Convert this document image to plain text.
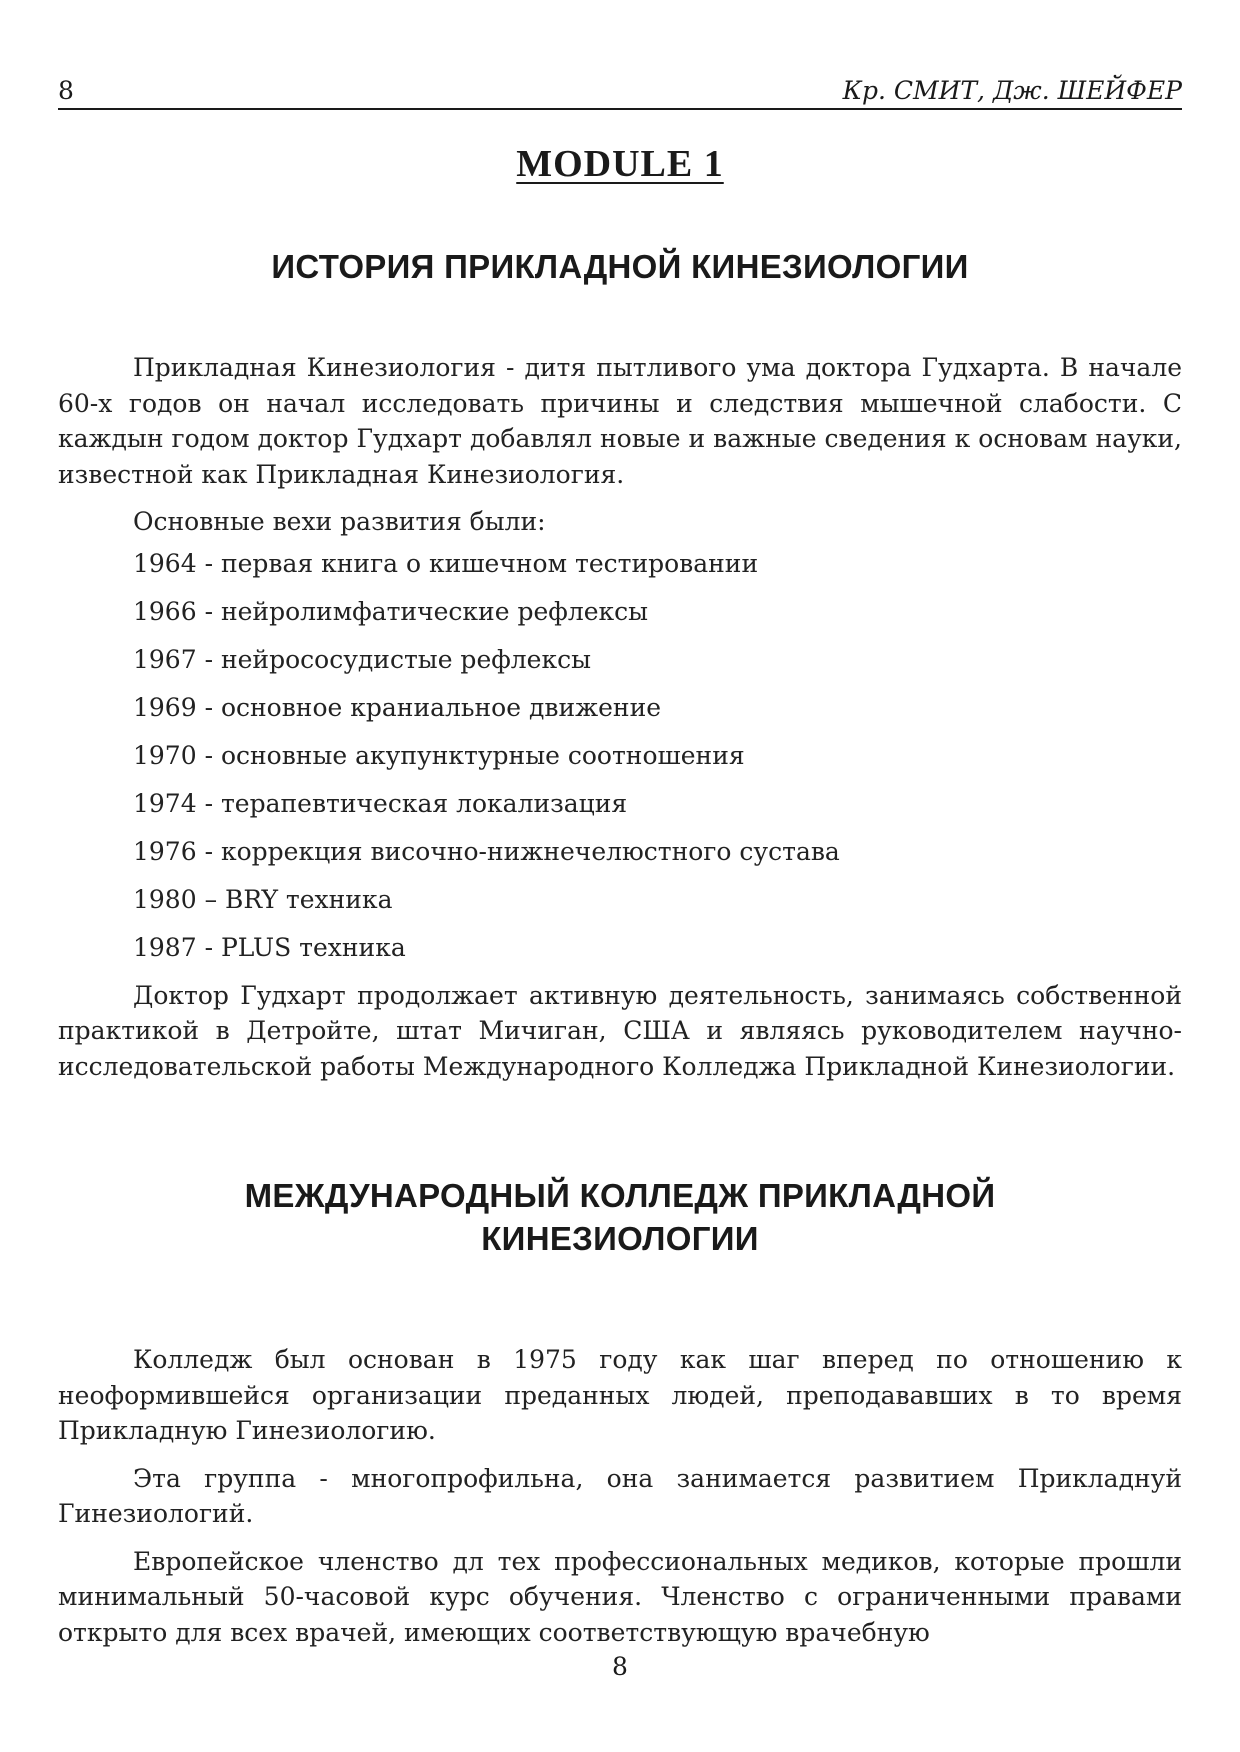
8	Кр. СМИТ, Дж. ШЕЙФЕР
MODULE 1
ИСТОРИЯ ПРИКЛАДНОЙ КИНЕЗИОЛОГИИ

Прикладная Кинезиология - дитя пытливого ума доктора Гудхарта. В начале 60-х годов он начал исследовать причины и следствия мышечной слабости. С каждын годом доктор Гудхарт добавлял новые и важные сведения к основам науки, известной как Прикладная Кинезиология.

Основные вехи развития были:

1964 - первая книга о кишечном тестировании

1966 - нейролимфатические рефлексы

1967 - нейрососудистые рефлексы

1969 - основное краниальное движение

1970 - основные акупунктурные соотношения

1974 - терапевтическая локализация

1976 - коррекция височно-нижнечелюстного сустава

1980 – BRY техника

1987 - PLUS техника

Доктор Гудхарт продолжает активную деятельность, занимаясь собственной практикой в Детройте, штат Мичиган, США и являясь руководителем научно-исследовательской работы Международного Колледжа Прикладной Кинезиологии.

МЕЖДУНАРОДНЫЙ КОЛЛЕДЖ ПРИКЛАДНОЙ
КИНЕЗИОЛОГИИ

Колледж был основан в 1975 году как шаг вперед по отношению к неоформившейся организации преданных людей, преподававших в то время Прикладную Гинезиологию.

Эта группа - многопрофильна, она занимается развитием Прикладнуй Гинезиологий.

Европейское членство дл тех профессиональных медиков, которые прошли минимальный 50-часовой курс обучения. Членство с ограниченными правами открыто для всех врачей, имеющих соответствующую врачебную

8
